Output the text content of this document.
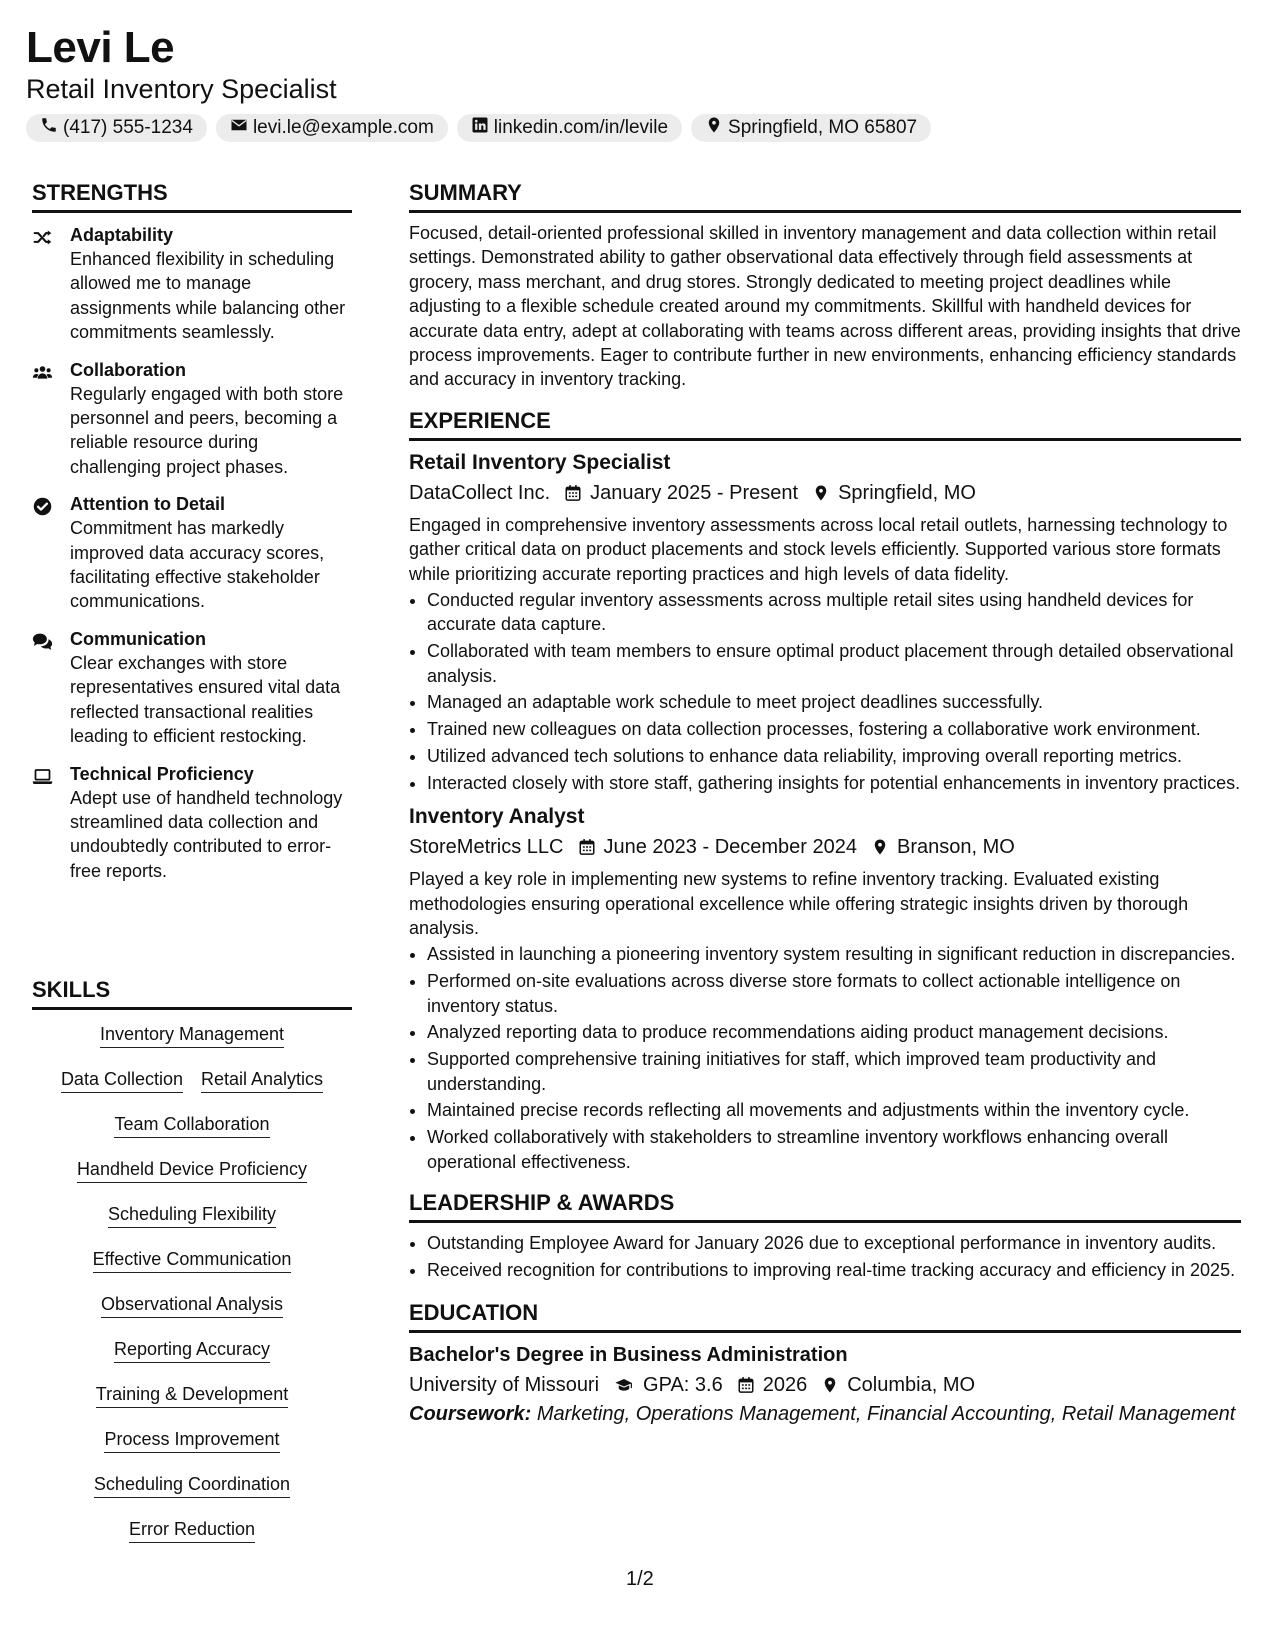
Levi Le
Retail Inventory Specialist
(417) 555-1234	levi.le@example.com	linkedin.com/in/levile	Springfield, MO 65807
STRENGTHS
Adaptability
Enhanced flexibility in scheduling allowed me to manage assignments while balancing other commitments seamlessly.
Collaboration
Regularly engaged with both store personnel and peers, becoming a reliable resource during challenging project phases.
Attention to Detail
Commitment has markedly improved data accuracy scores, facilitating effective stakeholder communications.
Communication
Clear exchanges with store representatives ensured vital data reflected transactional realities leading to efficient restocking.
Technical Proficiency
Adept use of handheld technology streamlined data collection and undoubtedly contributed to error-free reports.
SKILLS
Inventory Management
Data Collection Retail Analytics
Team Collaboration
Handheld Device Proficiency
Scheduling Flexibility
Effective Communication
Observational Analysis
Reporting Accuracy
Training & Development
Process Improvement
Scheduling Coordination
Error Reduction
SUMMARY
Focused, detail-oriented professional skilled in inventory management and data collection within retail settings. Demonstrated ability to gather observational data effectively through field assessments at grocery, mass merchant, and drug stores. Strongly dedicated to meeting project deadlines while adjusting to a flexible schedule created around my commitments. Skillful with handheld devices for accurate data entry, adept at collaborating with teams across different areas, providing insights that drive process improvements. Eager to contribute further in new environments, enhancing efficiency standards and accuracy in inventory tracking.
EXPERIENCE
Retail Inventory Specialist
DataCollect Inc. January 2025 - Present Springfield, MO
Engaged in comprehensive inventory assessments across local retail outlets, harnessing technology to gather critical data on product placements and stock levels efficiently. Supported various store formats while prioritizing accurate reporting practices and high levels of data fidelity.
• Conducted regular inventory assessments across multiple retail sites using handheld devices for accurate data capture.
• Collaborated with team members to ensure optimal product placement through detailed observational analysis.
• Managed an adaptable work schedule to meet project deadlines successfully.
• Trained new colleagues on data collection processes, fostering a collaborative work environment.
• Utilized advanced tech solutions to enhance data reliability, improving overall reporting metrics.
• Interacted closely with store staff, gathering insights for potential enhancements in inventory practices.
Inventory Analyst
StoreMetrics LLC June 2023 - December 2024 Branson, MO
Played a key role in implementing new systems to refine inventory tracking. Evaluated existing methodologies ensuring operational excellence while offering strategic insights driven by thorough analysis.
• Assisted in launching a pioneering inventory system resulting in significant reduction in discrepancies.
• Performed on-site evaluations across diverse store formats to collect actionable intelligence on inventory status.
• Analyzed reporting data to produce recommendations aiding product management decisions.
• Supported comprehensive training initiatives for staff, which improved team productivity and understanding.
• Maintained precise records reflecting all movements and adjustments within the inventory cycle.
• Worked collaboratively with stakeholders to streamline inventory workflows enhancing overall operational effectiveness.
LEADERSHIP & AWARDS
• Outstanding Employee Award for January 2026 due to exceptional performance in inventory audits.
• Received recognition for contributions to improving real-time tracking accuracy and efficiency in 2025.
EDUCATION
Bachelor's Degree in Business Administration
University of Missouri GPA: 3.6 2026 Columbia, MO
Coursework: Marketing, Operations Management, Financial Accounting, Retail Management
1/2
